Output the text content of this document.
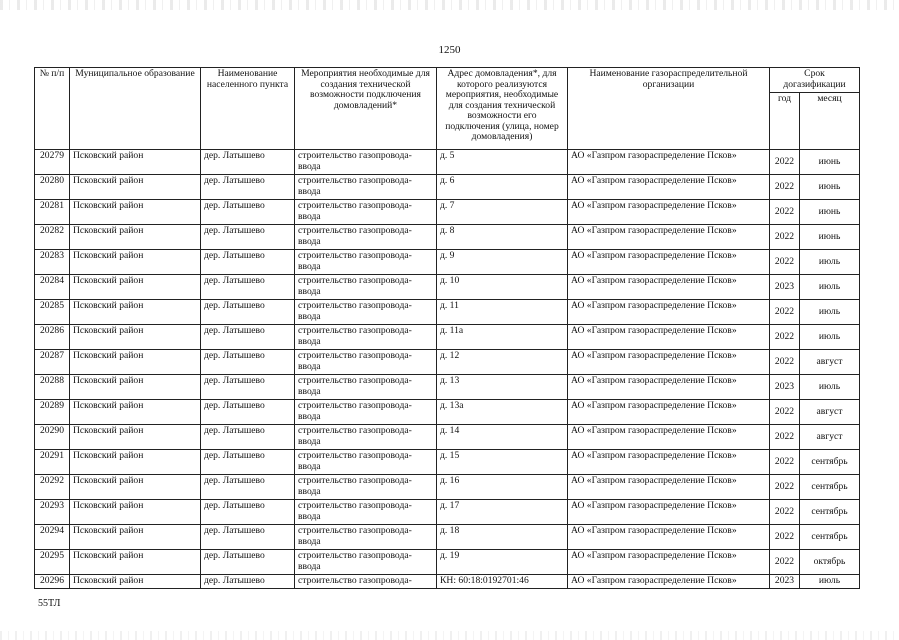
1250
№ п/п	Муниципальное образование	Наименование населенного пункта	Мероприятия необходимые для создания технической возможности подключения домовладений*	Адрес домовладения*, для которого реализуются мероприятия, необходимые для создания технической возможности его подключения (улица, номер домовладения)	Наименование газораспределительной организации	Срок догазификации	
						год	месяц
20279	Псковский район	дер. Латышево	строительство газопровода-ввода	д. 5	АО «Газпром газораспределение Псков»	2022	июнь
20280	Псковский район	дер. Латышево	строительство газопровода-ввода	д. 6	АО «Газпром газораспределение Псков»	2022	июнь
20281	Псковский район	дер. Латышево	строительство газопровода-ввода	д. 7	АО «Газпром газораспределение Псков»	2022	июнь
20282	Псковский район	дер. Латышево	строительство газопровода-ввода	д. 8	АО «Газпром газораспределение Псков»	2022	июнь
20283	Псковский район	дер. Латышево	строительство газопровода-ввода	д. 9	АО «Газпром газораспределение Псков»	2022	июль
20284	Псковский район	дер. Латышево	строительство газопровода-ввода	д. 10	АО «Газпром газораспределение Псков»	2023	июль
20285	Псковский район	дер. Латышево	строительство газопровода-ввода	д. 11	АО «Газпром газораспределение Псков»	2022	июль
20286	Псковский район	дер. Латышево	строительство газопровода-ввода	д. 11а	АО «Газпром газораспределение Псков»	2022	июль
20287	Псковский район	дер. Латышево	строительство газопровода-ввода	д. 12	АО «Газпром газораспределение Псков»	2022	август
20288	Псковский район	дер. Латышево	строительство газопровода-ввода	д. 13	АО «Газпром газораспределение Псков»	2023	июль
20289	Псковский район	дер. Латышево	строительство газопровода-ввода	д. 13а	АО «Газпром газораспределение Псков»	2022	август
20290	Псковский район	дер. Латышево	строительство газопровода-ввода	д. 14	АО «Газпром газораспределение Псков»	2022	август
20291	Псковский район	дер. Латышево	строительство газопровода-ввода	д. 15	АО «Газпром газораспределение Псков»	2022	сентябрь
20292	Псковский район	дер. Латышево	строительство газопровода-ввода	д. 16	АО «Газпром газораспределение Псков»	2022	сентябрь
20293	Псковский район	дер. Латышево	строительство газопровода-ввода	д. 17	АО «Газпром газораспределение Псков»	2022	сентябрь
20294	Псковский район	дер. Латышево	строительство газопровода-ввода	д. 18	АО «Газпром газораспределение Псков»	2022	сентябрь
20295	Псковский район	дер. Латышево	строительство газопровода-ввода	д. 19	АО «Газпром газораспределение Псков»	2022	октябрь
20296	Псковский район	дер. Латышево	строительство газопровода-	КН: 60:18:0192701:46	АО «Газпром газораспределение Псков»	2023	июль
55ТЛ
